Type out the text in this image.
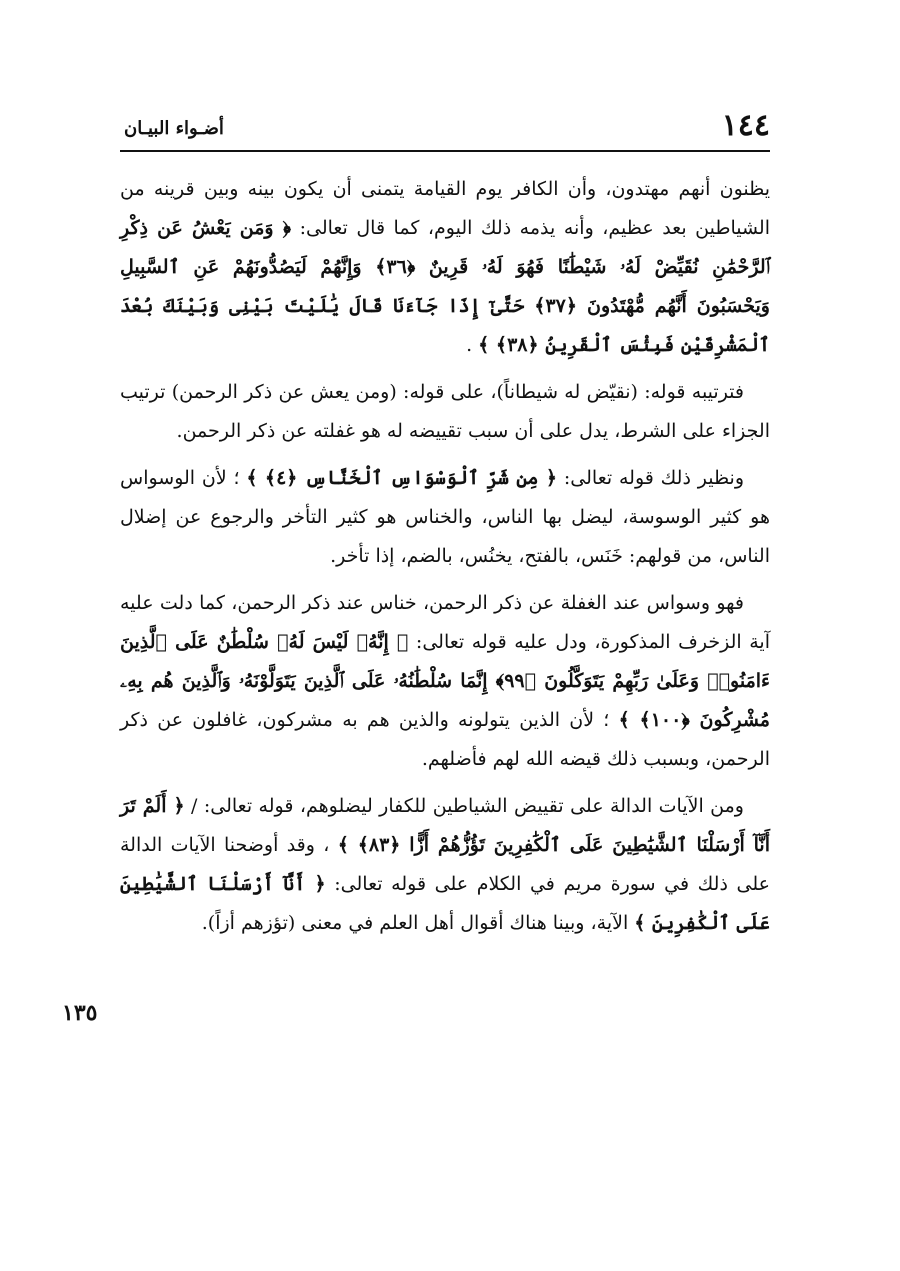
١٤٤
أضـواء البيـان
١٣٥

يظنون أنهم مهتدون، وأن الكافر يوم القيامة يتمنى أن يكون بينه وبين قرينه من الشياطين بعد عظيم، وأنه يذمه ذلك اليوم، كما قال تعالى: ﴿ وَمَن يَعْشُ عَن ذِكْرِ ٱلرَّحْمَٰنِ نُقَيِّضْ لَهُۥ شَيْطَٰنًا فَهُوَ لَهُۥ قَرِينٌ ﴿٣٦﴾ وَإِنَّهُمْ لَيَصُدُّونَهُمْ عَنِ ٱلسَّبِيلِ وَيَحْسَبُونَ أَنَّهُم مُّهْتَدُونَ ﴿٣٧﴾ حَتَّىٰٓ إِذَا جَآءَنَا قَالَ يَٰلَيْتَ بَيْنِى وَبَيْنَكَ بُعْدَ ٱلْمَشْرِقَيْنِ فَبِئْسَ ٱلْقَرِينُ ﴿٣٨﴾ ﴾ .

فترتيبه قوله: (نقيّض له شيطاناً)، على قوله: (ومن يعش عن ذكر الرحمن) ترتيب الجزاء على الشرط، يدل على أن سبب تقييضه له هو غفلته عن ذكر الرحمن.

ونظير ذلك قوله تعالى: ﴿ مِن شَرِّ ٱلْوَسْوَاسِ ٱلْخَنَّاسِ ﴿٤﴾ ﴾ ؛ لأن الوسواس هو كثير الوسوسة، ليضل بها الناس، والخناس هو كثير التأخر والرجوع عن إضلال الناس، من قولهم: خَنَس، بالفتح، يخنُس، بالضم، إذا تأخر.

فهو وسواس عند الغفلة عن ذكر الرحمن، خناس عند ذكر الرحمن، كما دلت عليه آية الزخرف المذكورة، ودل عليه قوله تعالى: ﴿ إِنَّهُۥ لَيْسَ لَهُۥ سُلْطَٰنٌ عَلَى ٱلَّذِينَ ءَامَنُوا۟ وَعَلَىٰ رَبِّهِمْ يَتَوَكَّلُونَ ﴿٩٩﴾ إِنَّمَا سُلْطَٰنُهُۥ عَلَى ٱلَّذِينَ يَتَوَلَّوْنَهُۥ وَٱلَّذِينَ هُم بِهِۦ مُشْرِكُونَ ﴿١٠٠﴾ ﴾ ؛ لأن الذين يتولونه والذين هم به مشركون، غافلون عن ذكر الرحمن، وبسبب ذلك قيضه الله لهم فأضلهم.

ومن الآيات الدالة على تقييض الشياطين للكفار ليضلوهم، قوله تعالى: / ﴿ أَلَمْ تَرَ أَنَّآ أَرْسَلْنَا ٱلشَّيَٰطِينَ عَلَى ٱلْكَٰفِرِينَ تَؤُزُّهُمْ أَزًّا ﴿٨٣﴾ ﴾ ، وقد أوضحنا الآيات الدالة على ذلك في سورة مريم في الكلام على قوله تعالى: ﴿ أَنَّآ أَرْسَلْنَا ٱلشَّيَٰطِينَ عَلَى ٱلْكَٰفِرِينَ ﴾ الآية، وبينا هناك أقوال أهل العلم في معنى (تؤزهم أزاً).
